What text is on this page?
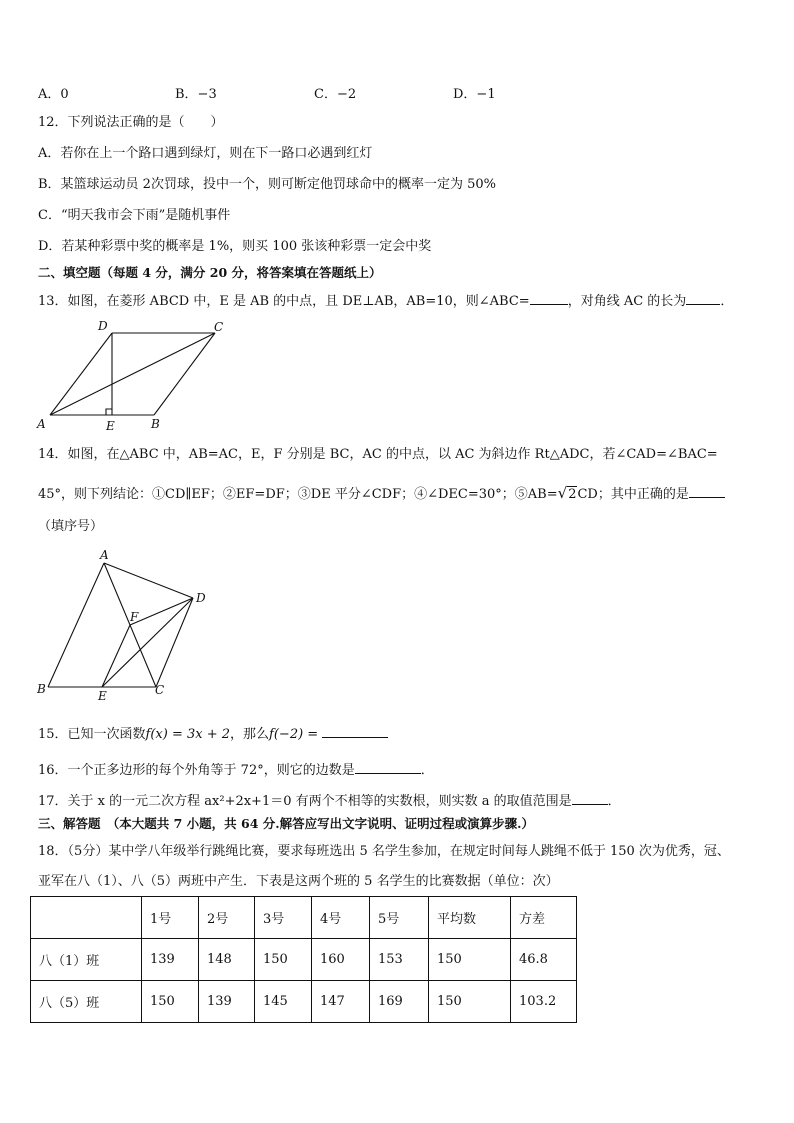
A．0	B．−3	C．−2	D．−1
12．下列说法正确的是（　　）
A．若你在上一个路口遇到绿灯，则在下一路口必遇到红灯
B．某篮球运动员 2次罚球，投中一个，则可断定他罚球命中的概率一定为 50%
C．“明天我市会下雨”是随机事件
D．若某种彩票中奖的概率是 1%，则买 100 张该种彩票一定会中奖
二、填空题（每题 4 分，满分 20 分，将答案填在答题纸上）
13．如图，在菱形 ABCD 中，E 是 AB 的中点，且 DE⊥AB，AB=10，则∠ABC=	，对角线 AC 的长为	．
A	B
C
D
E
14．如图，在△ABC 中，AB=AC，E，F 分别是 BC，AC 的中点，以 AC 为斜边作 Rt△ADC，若∠CAD=∠BAC=
45°，则下列结论：①CD∥EF；②EF=DF；③DE 平分∠CDF；④∠DEC=30°；⑤AB=√2CD；其中正确的是
（填序号）
A
B	C
D
E
F
15．已知一次函数f(x) = 3x + 2，那么f(−2) =
16．一个正多边形的每个外角等于 72°，则它的边数是	．
17．关于 x 的一元二次方程 ax²+2x+1＝0 有两个不相等的实数根，则实数 a 的取值范围是	．
三、解答题　（本大题共 7 小题，共 64 分.解答应写出文字说明、证明过程或演算步骤.）
18．（5分）某中学八年级举行跳绳比赛，要求每班选出 5 名学生参加，在规定时间每人跳绳不低于 150 次为优秀，冠、
亚军在八（1）、八（5）两班中产生．下表是这两个班的 5 名学生的比赛数据（单位：次）
	1号	2号	3号	4号	5号	平均数	方差
八（1）班	139	148	150	160	153	150	46.8
八（5）班	150	139	145	147	169	150	103.2
